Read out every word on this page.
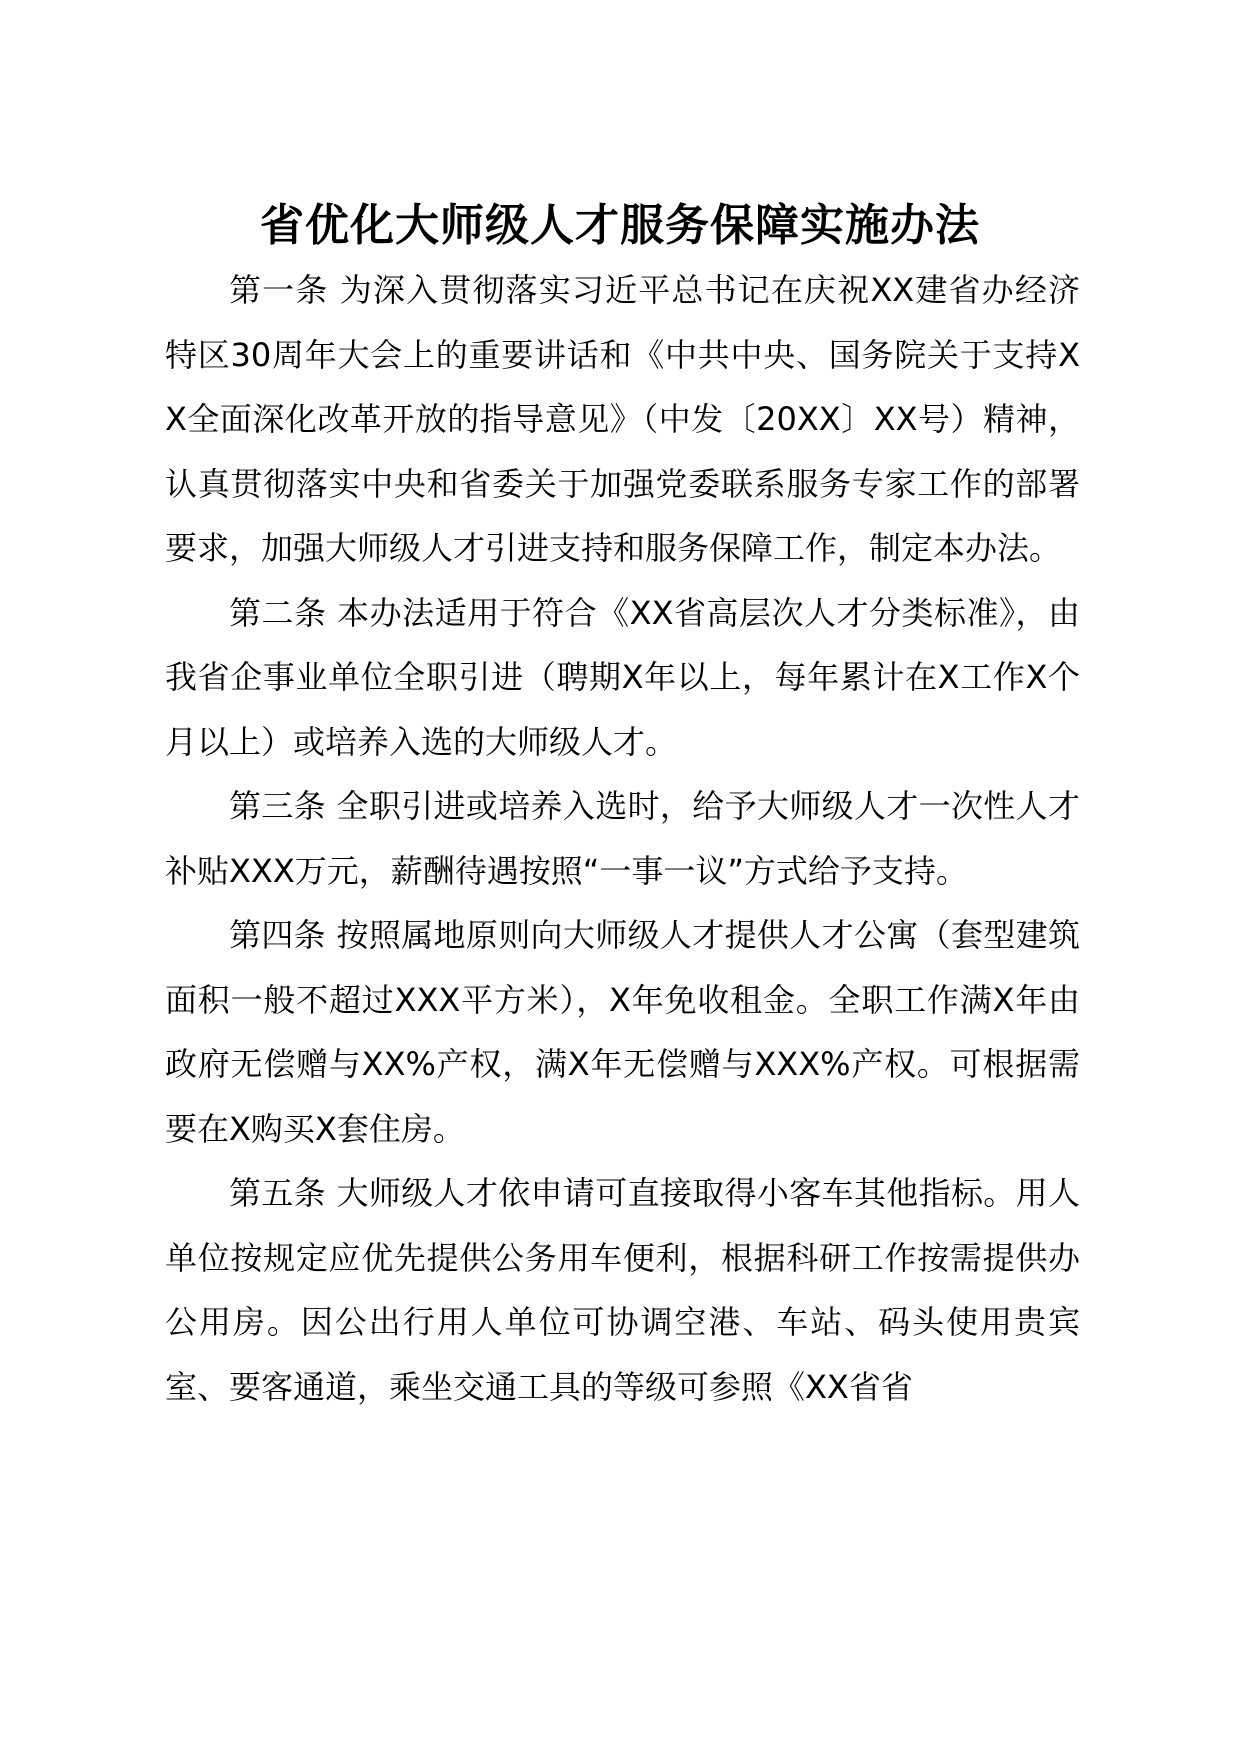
省优化大师级人才服务保障实施办法

第一条 为深入贯彻落实习近平总书记在庆祝XX建省办经济特区30周年大会上的重要讲话和《中共中央、国务院关于支持XX全面深化改革开放的指导意见》（中发〔20XX〕XX号）精神，认真贯彻落实中央和省委关于加强党委联系服务专家工作的部署要求，加强大师级人才引进支持和服务保障工作，制定本办法。

第二条 本办法适用于符合《XX省高层次人才分类标准》，由我省企事业单位全职引进（聘期X年以上，每年累计在X工作X个月以上）或培养入选的大师级人才。

第三条 全职引进或培养入选时，给予大师级人才一次性人才补贴XXX万元，薪酬待遇按照“一事一议”方式给予支持。

第四条 按照属地原则向大师级人才提供人才公寓（套型建筑面积一般不超过XXX平方米），X年免收租金。全职工作满X年由政府无偿赠与XX%产权，满X年无偿赠与XXX%产权。可根据需要在X购买X套住房。

第五条 大师级人才依申请可直接取得小客车其他指标。用人单位按规定应优先提供公务用车便利，根据科研工作按需提供办公用房。因公出行用人单位可协调空港、车站、码头使用贵宾室、要客通道，乘坐交通工具的等级可参照《XX省省
